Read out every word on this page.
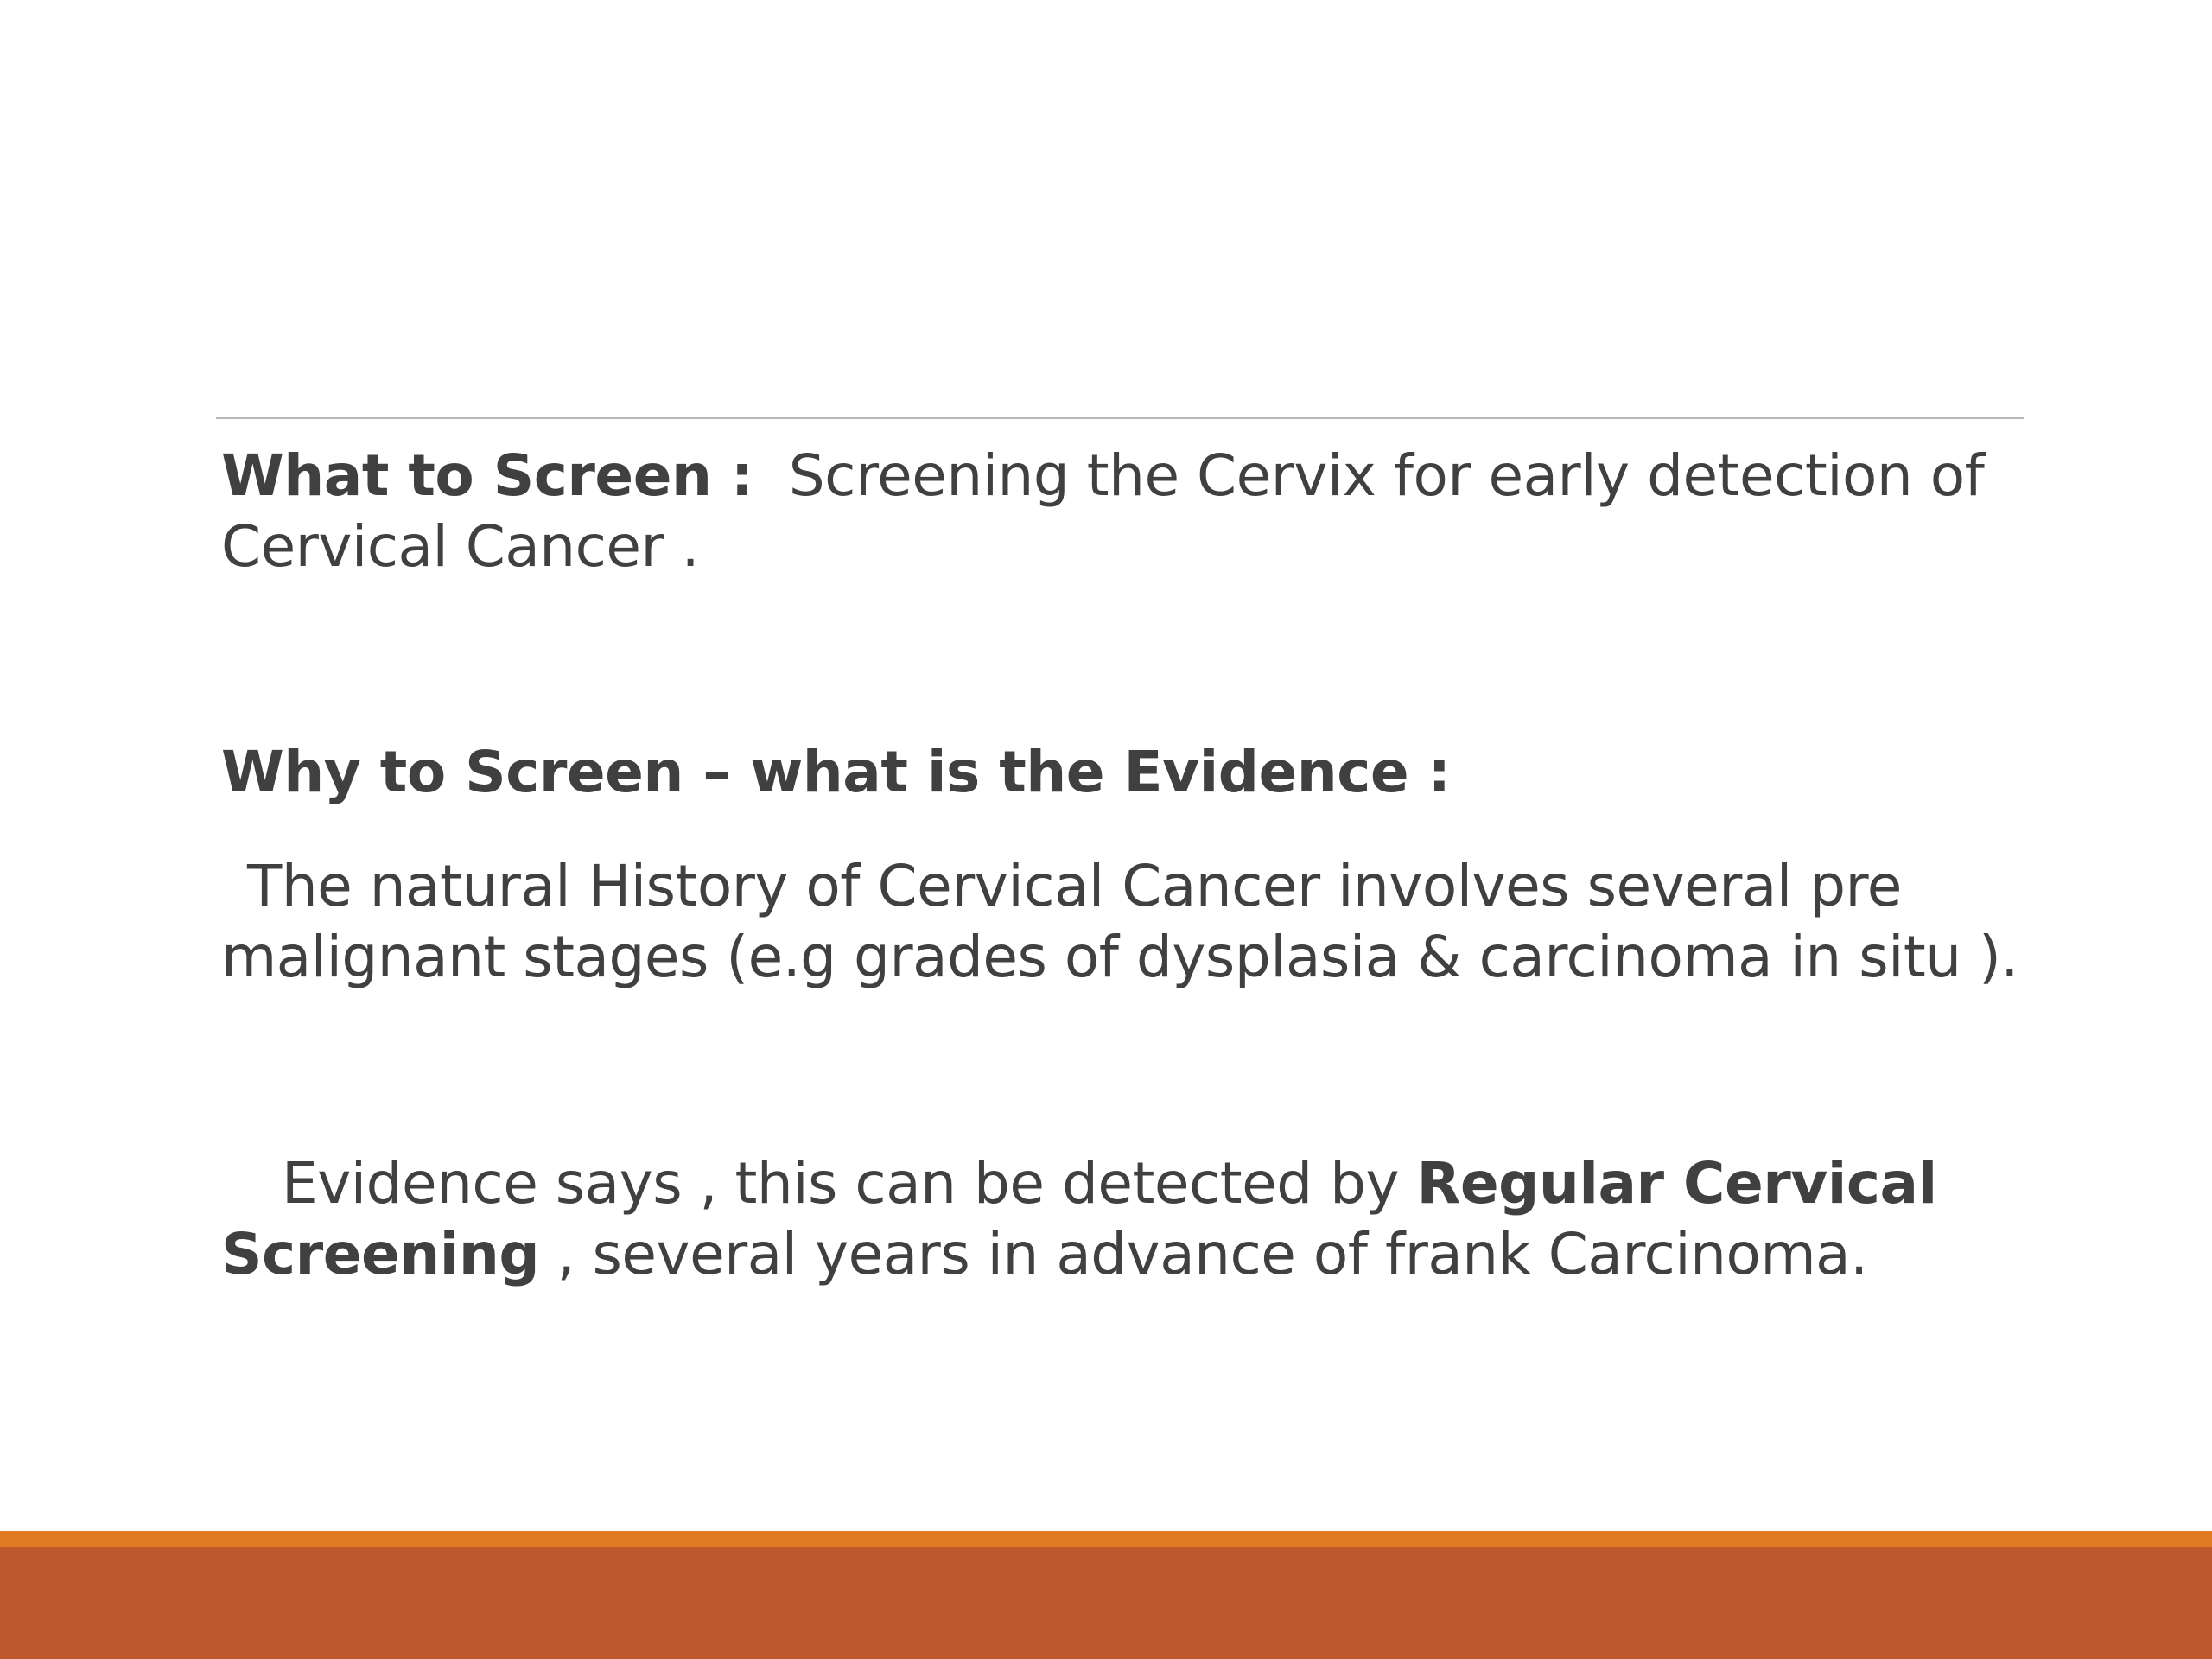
What to Screen : Screening the Cervix for early detection of Cervical Cancer .

Why to Screen – what is the Evidence :

The natural History of Cervical Cancer involves several pre malignant stages (e.g grades of dysplasia & carcinoma in situ ).

Evidence says , this can be detected by Regular Cervical Screening , several years in advance of frank Carcinoma.
